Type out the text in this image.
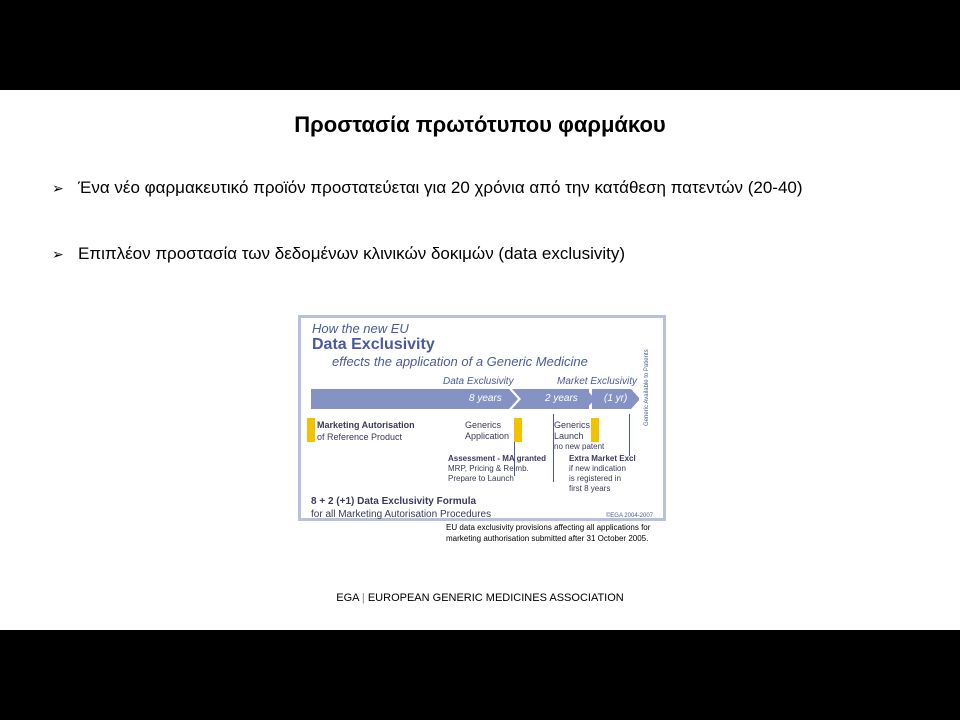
Προστασία πρωτότυπου φαρμάκου
➢ Ένα νέο φαρμακευτικό προϊόν προστατεύεται για 20 χρόνια από την κατάθεση πατεντών (20-40)
➢ Επιπλέον προστασία των δεδομένων κλινικών δοκιμών (data exclusivity)
How the new EU
Data Exclusivity
effects the application of a Generic Medicine
Data Exclusivity	Market Exclusivity
8 years	2 years	(1 yr)
Marketing Autorisation
of Reference Product
Generics
Application
Generics
Launch
no new patent
Assessment - MA granted
MRP, Pricing & Reimb.
Prepare to Launch
Extra Market Excl
if new indication
is registered in
first 8 years
8 + 2 (+1) Data Exclusivity Formula
for all Marketing Autorisation Procedures	©EGA 2004-2007
Generic Available to Patients
EU data exclusivity provisions affecting all applications for
marketing authorisation submitted after 31 October 2005.
EGA | EUROPEAN GENERIC MEDICINES ASSOCIATION
